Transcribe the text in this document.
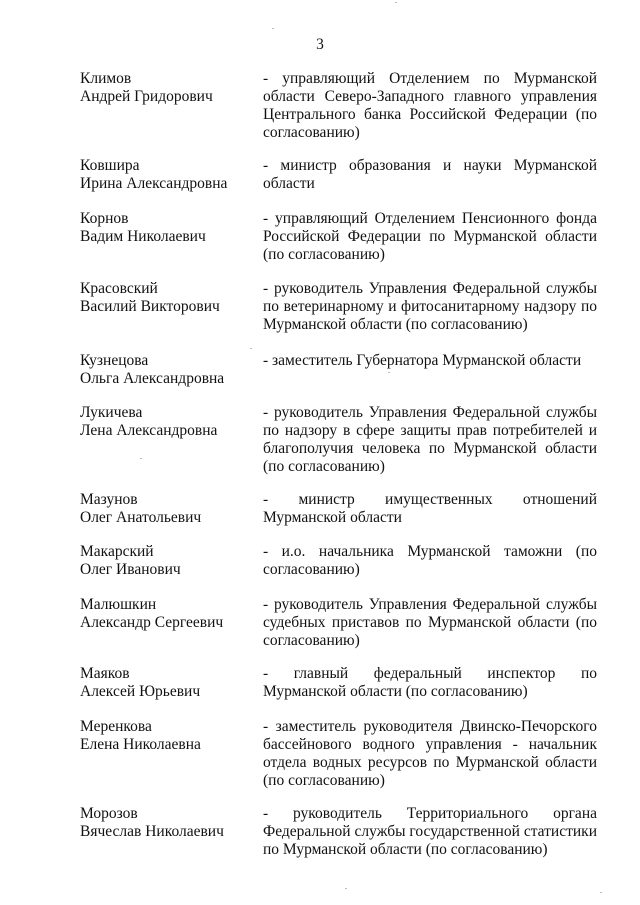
3
Климов
Андрей Гридорович
- управляющий Отделением по Мурманской области Северо-Западного главного управления Центрального банка Российской Федерации (по согласованию)
Ковшира
Ирина Александровна
- министр образования и науки Мурманской области
Корнов
Вадим Николаевич
- управляющий Отделением Пенсионного фонда Российской Федерации по Мурманской области (по согласованию)
Красовский
Василий Викторович
- руководитель Управления Федеральной службы по ветеринарному и фитосанитарному надзору по Мурманской области (по согласованию)
Кузнецова
Ольга Александровна
- заместитель Губернатора Мурманской области
Лукичева
Лена Александровна
- руководитель Управления Федеральной службы по надзору в сфере защиты прав потребителей и благополучия человека по Мурманской области (по согласованию)
Мазунов
Олег Анатольевич
- министр имущественных отношений Мурманской области
Макарский
Олег Иванович
- и.о. начальника Мурманской таможни (по согласованию)
Малюшкин
Александр Сергеевич
- руководитель Управления Федеральной службы судебных приставов по Мурманской области (по согласованию)
Маяков
Алексей Юрьевич
- главный федеральный инспектор по Мурманской области (по согласованию)
Меренкова
Елена Николаевна
- заместитель руководителя Двинско-Печорского бассейнового водного управления - начальник отдела водных ресурсов по Мурманской области (по согласованию)
Морозов
Вячеслав Николаевич
- руководитель Территориального органа Федеральной службы государственной статистики по Мурманской области (по согласованию)
